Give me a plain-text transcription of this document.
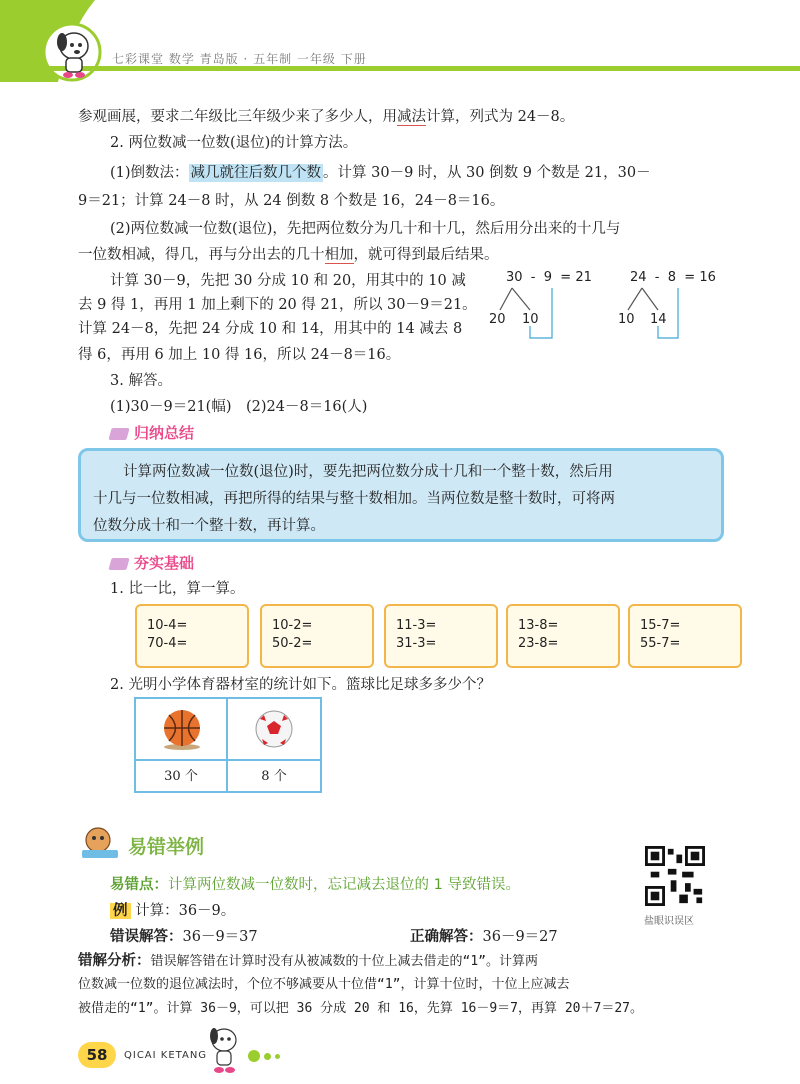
七彩课堂 数学 青岛版 · 五年制 一年级 下册
参观画展，要求二年级比三年级少来了多少人，用减法计算，列式为 24－8。
2. 两位数减一位数(退位)的计算方法。
(1)倒数法： 减几就往后数几个数 。计算 30－9 时，从 30 倒数 9 个数是 21，30－
9＝21；计算 24－8 时，从 24 倒数 8 个数是 16，24－8＝16。
(2)两位数减一位数(退位)，先把两位数分为几十和十几，然后用分出来的十几与
一位数相减，得几，再与分出去的几十相加，就可得到最后结果。
计算 30－9，先把 30 分成 10 和 20，用其中的 10 减
去 9 得 1，再用 1 加上剩下的 20 得 21，所以 30－9＝21。
计算 24－8，先把 24 分成 10 和 14，用其中的 14 减去 8
得 6，再用 6 加上 10 得 16，所以 24－8＝16。
30  -  9  = 21
20 10
24  -  8  = 16
10 14
3. 解答。
(1)30－9＝21(幅)　(2)24－8＝16(人)
归纳总结
计算两位数减一位数(退位)时，要先把两位数分成十几和一个整十数，然后用
十几与一位数相减，再把所得的结果与整十数相加。当两位数是整十数时，可将两
位数分成十和一个整十数，再计算。
夯实基础
1. 比一比，算一算。
10-4=
70-4=
10-2=
50-2=
11-3=
31-3=
13-8=
23-8=
15-7=
55-7=
2. 光明小学体育器材室的统计如下。篮球比足球多多少个？
30 个	8 个
易错举例
盐眼识误区
易错点：计算两位数减一位数时，忘记减去退位的 1 导致错误。
例 计算：36－9。
错误解答：36－9＝37	正确解答：36－9＝27
错解分析：错误解答错在计算时没有从被减数的十位上减去借走的“1”。计算两
位数减一位数的退位减法时，个位不够减要从十位借“1”，计算十位时，十位上应减去
被借走的“1”。计算 36－9，可以把 36 分成 20 和 16，先算 16－9＝7，再算 20＋7＝27。
58	QICAI KETANG
